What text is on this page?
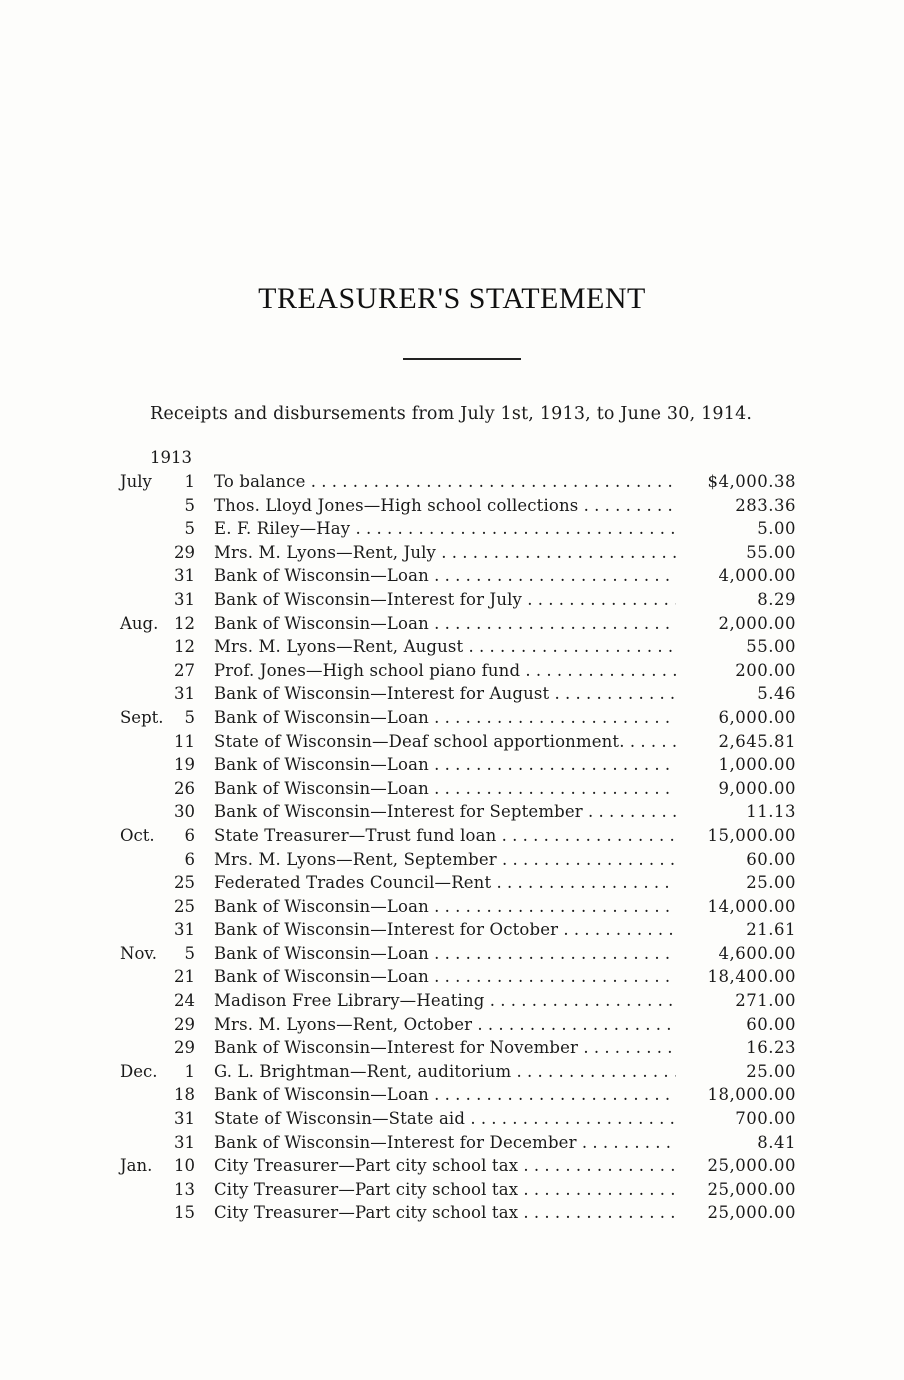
TREASURER'S STATEMENT
Receipts and disbursements from July 1st, 1913, to June 30, 1914.
1913
July	1 To balance . . .	$4,000.38
5 Thos. Lloyd Jones—High school collections . . .	283.36
5 E. F. Riley—Hay . . .	5.00
29 Mrs. M. Lyons—Rent, July . . .	55.00
31 Bank of Wisconsin—Loan . . .	4,000.00
31 Bank of Wisconsin—Interest for July . . .	8.29
Aug. 12 Bank of Wisconsin—Loan . . .	2,000.00
12 Mrs. M. Lyons—Rent, August . . .	55.00
27 Prof. Jones—High school piano fund . . .	200.00
31 Bank of Wisconsin—Interest for August . . .	5.46
Sept.	5 Bank of Wisconsin—Loan . . .	6,000.00
11 State of Wisconsin—Deaf school apportionment. . . .	2,645.81
19 Bank of Wisconsin—Loan . . .	1,000.00
26 Bank of Wisconsin—Loan . . .	9,000.00
30 Bank of Wisconsin—Interest for September . . .	11.13
Oct.	6 State Treasurer—Trust fund loan . . .	15,000.00
6 Mrs. M. Lyons—Rent, September . . .	60.00
25 Federated Trades Council—Rent . . .	25.00
25 Bank of Wisconsin—Loan . . .	14,000.00
31 Bank of Wisconsin—Interest for October . . .	21.61
Nov.	5 Bank of Wisconsin—Loan . . .	4,600.00
21 Bank of Wisconsin—Loan . . .	18,400.00
24 Madison Free Library—Heating . . .	271.00
29 Mrs. M. Lyons—Rent, October . . .	60.00
29 Bank of Wisconsin—Interest for November . . .	16.23
Dec.	1 G. L. Brightman—Rent, auditorium . . .	25.00
18 Bank of Wisconsin—Loan . . .	18,000.00
31 State of Wisconsin—State aid . . .	700.00
31 Bank of Wisconsin—Interest for December . . .	8.41
Jan.	10 City Treasurer—Part city school tax . . .	25,000.00
13 City Treasurer—Part city school tax . . .	25,000.00
15 City Treasurer—Part city school tax . . .	25,000.00
